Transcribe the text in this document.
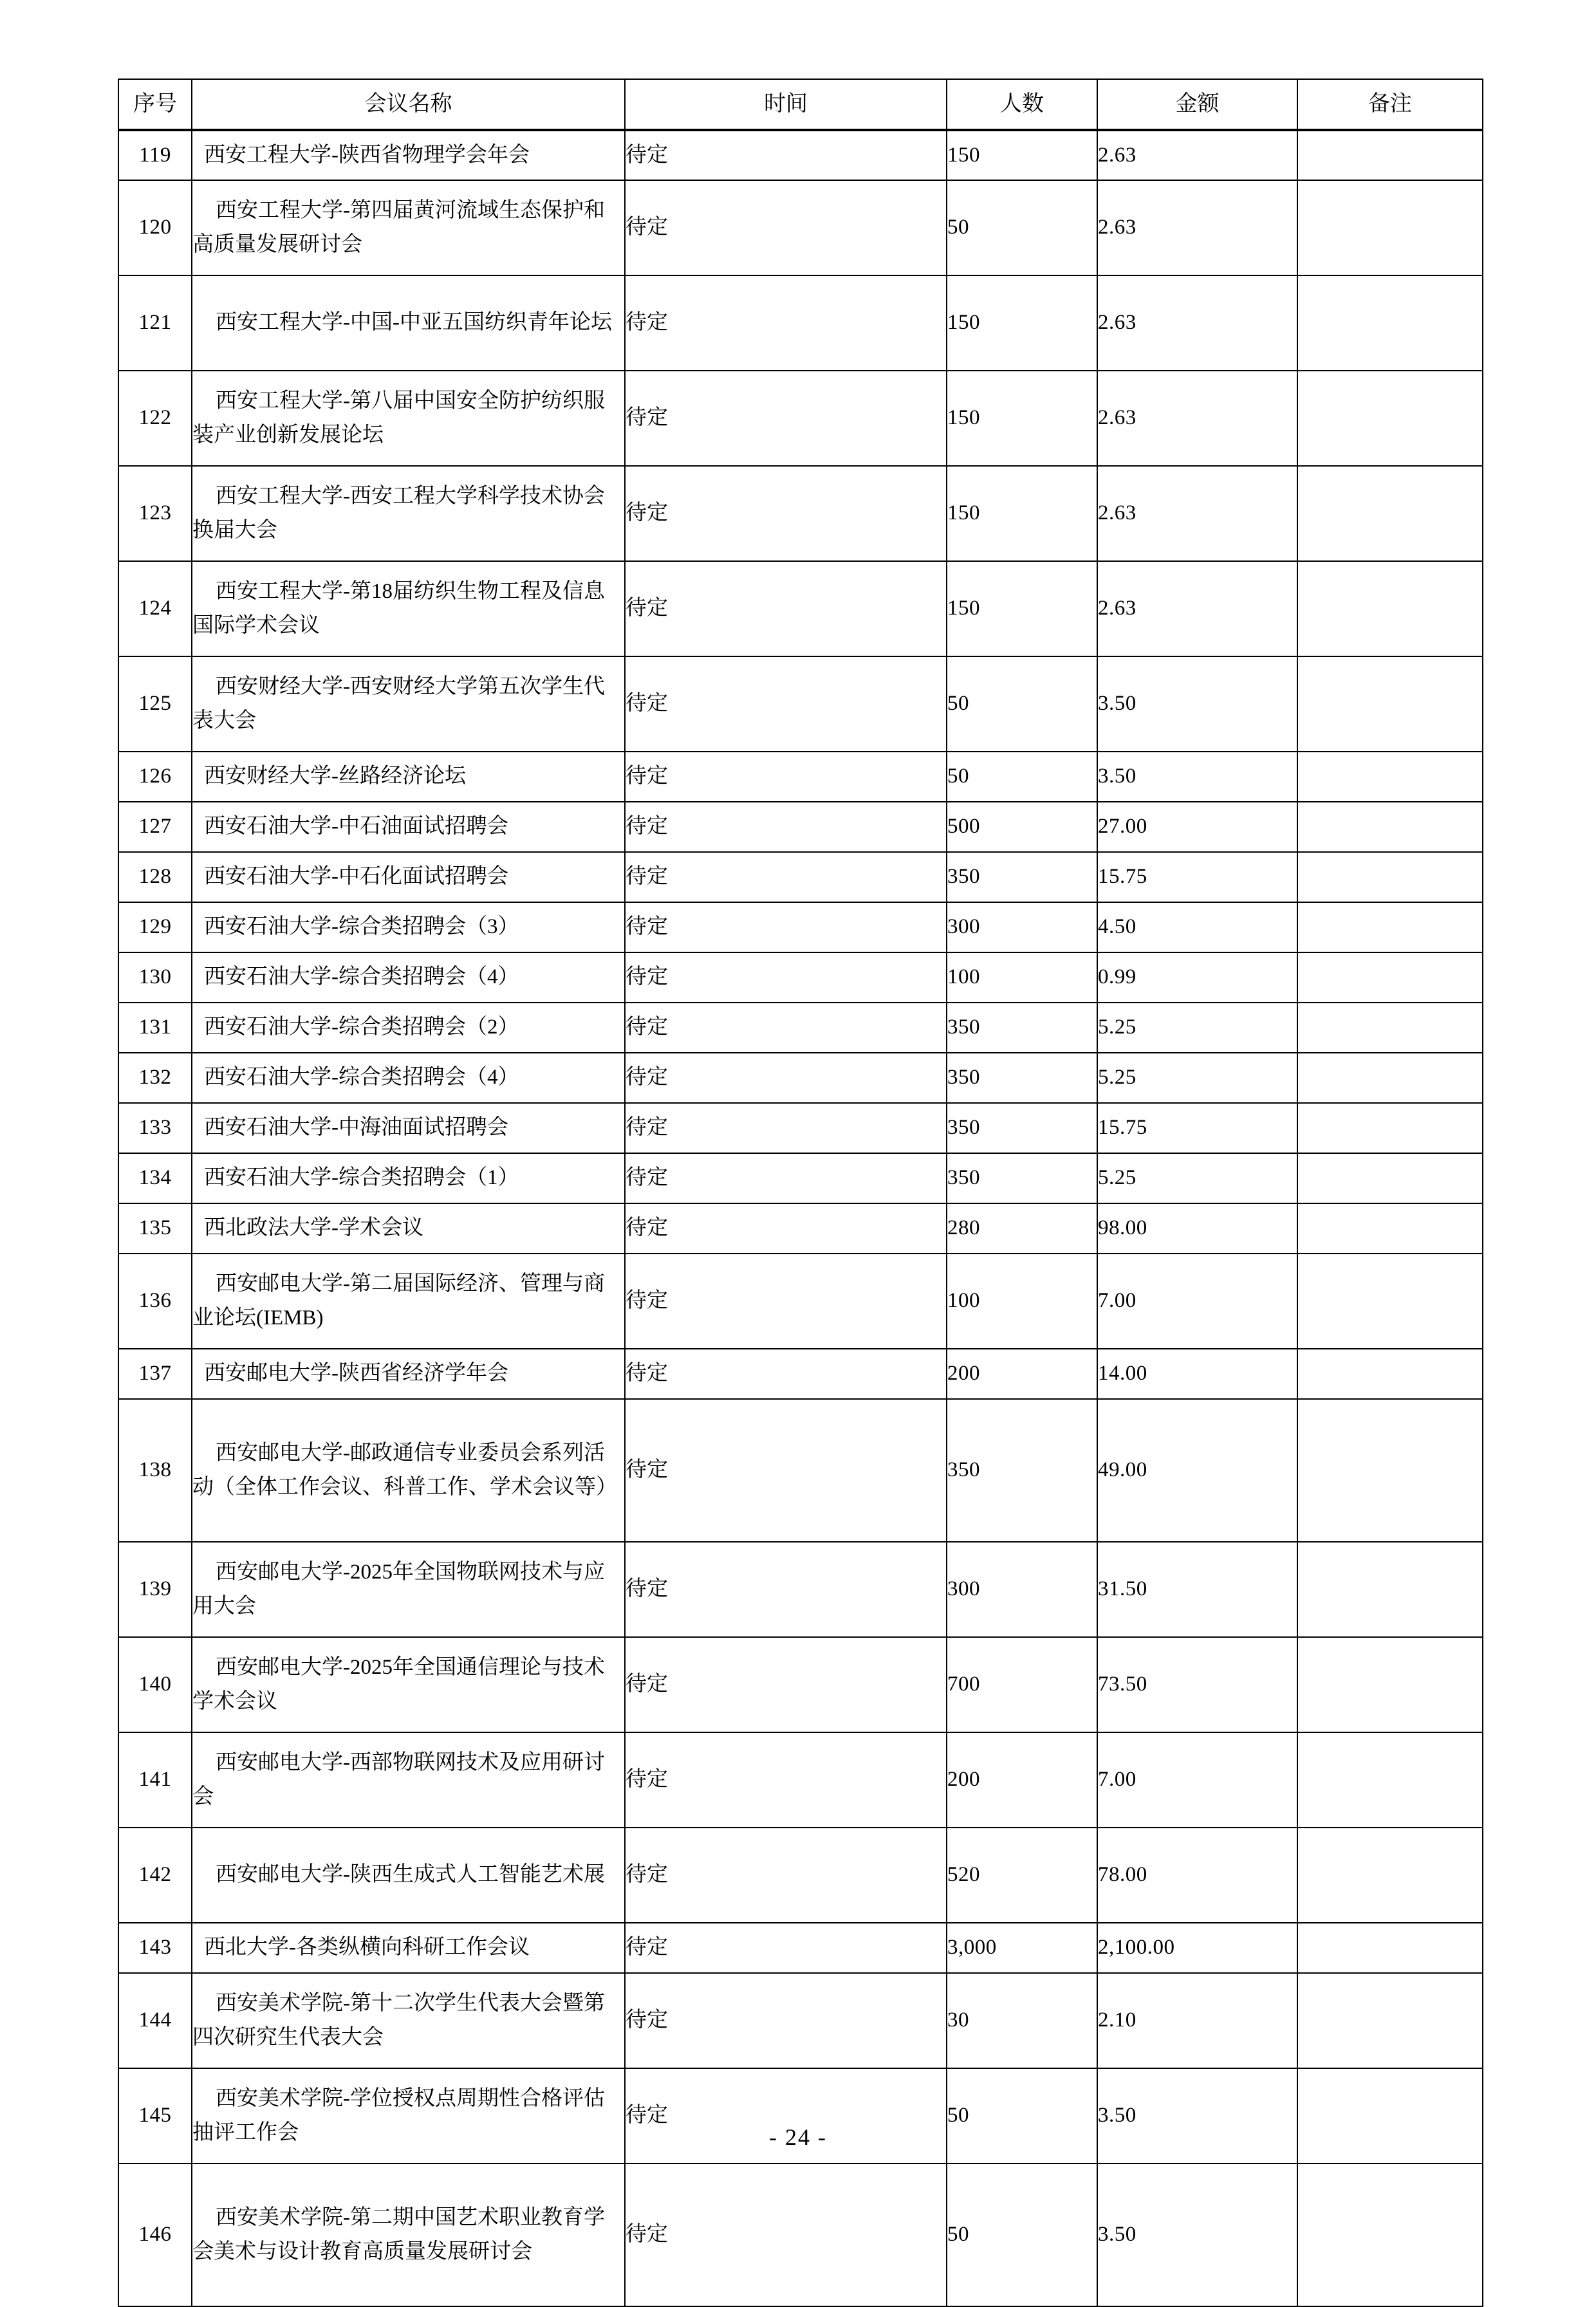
序号	会议名称	时间	人数	金额	备注
119	西安工程大学-陕西省物理学会年会	待定	150	2.63	
120	西安工程大学-第四届黄河流域生态保护和高质量发展研讨会	待定	50	2.63	
121	西安工程大学-中国-中亚五国纺织青年论坛	待定	150	2.63	
122	西安工程大学-第八届中国安全防护纺织服装产业创新发展论坛	待定	150	2.63	
123	西安工程大学-西安工程大学科学技术协会换届大会	待定	150	2.63	
124	西安工程大学-第18届纺织生物工程及信息国际学术会议	待定	150	2.63	
125	西安财经大学-西安财经大学第五次学生代表大会	待定	50	3.50	
126	西安财经大学-丝路经济论坛	待定	50	3.50	
127	西安石油大学-中石油面试招聘会	待定	500	27.00	
128	西安石油大学-中石化面试招聘会	待定	350	15.75	
129	西安石油大学-综合类招聘会（3）	待定	300	4.50	
130	西安石油大学-综合类招聘会（4）	待定	100	0.99	
131	西安石油大学-综合类招聘会（2）	待定	350	5.25	
132	西安石油大学-综合类招聘会（4）	待定	350	5.25	
133	西安石油大学-中海油面试招聘会	待定	350	15.75	
134	西安石油大学-综合类招聘会（1）	待定	350	5.25	
135	西北政法大学-学术会议	待定	280	98.00	
136	西安邮电大学-第二届国际经济、管理与商业论坛(IEMB)	待定	100	7.00	
137	西安邮电大学-陕西省经济学年会	待定	200	14.00	
138	西安邮电大学-邮政通信专业委员会系列活动（全体工作会议、科普工作、学术会议等）	待定	350	49.00	
139	西安邮电大学-2025年全国物联网技术与应用大会	待定	300	31.50	
140	西安邮电大学-2025年全国通信理论与技术学术会议	待定	700	73.50	
141	西安邮电大学-西部物联网技术及应用研讨会	待定	200	7.00	
142	西安邮电大学-陕西生成式人工智能艺术展	待定	520	78.00	
143	西北大学-各类纵横向科研工作会议	待定	3,000	2,100.00	
144	西安美术学院-第十二次学生代表大会暨第四次研究生代表大会	待定	30	2.10	
145	西安美术学院-学位授权点周期性合格评估抽评工作会	待定	50	3.50	
146	西安美术学院-第二期中国艺术职业教育学会美术与设计教育高质量发展研讨会	待定	50	3.50	
- 24 -
